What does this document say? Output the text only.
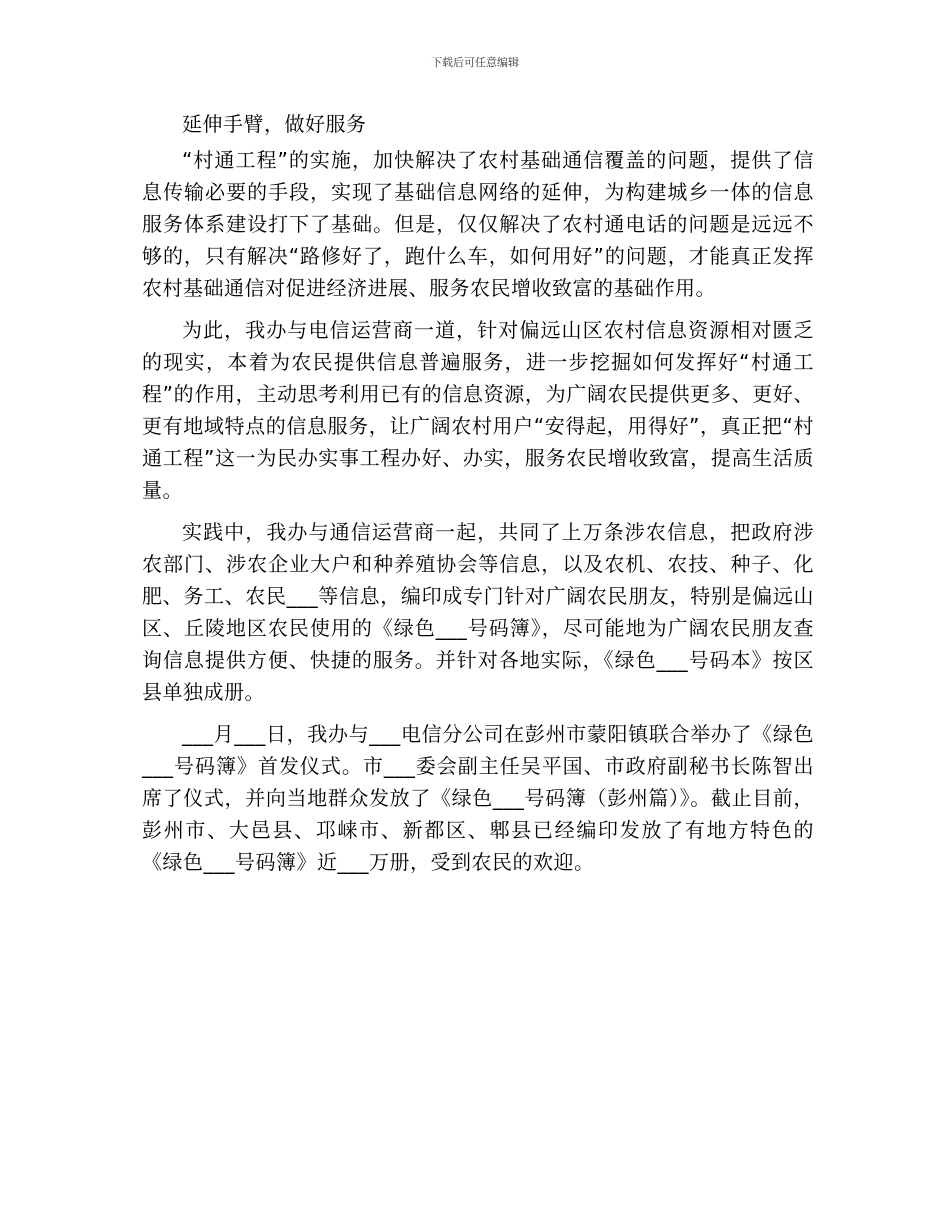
下载后可任意编辑

延伸手臂，做好服务

“村通工程”的实施，加快解决了农村基础通信覆盖的问题，提供了信息传输必要的手段，实现了基础信息网络的延伸，为构建城乡一体的信息服务体系建设打下了基础。但是，仅仅解决了农村通电话的问题是远远不够的，只有解决“路修好了，跑什么车，如何用好”的问题，才能真正发挥农村基础通信对促进经济进展、服务农民增收致富的基础作用。

为此，我办与电信运营商一道，针对偏远山区农村信息资源相对匮乏的现实，本着为农民提供信息普遍服务，进一步挖掘如何发挥好“村通工程”的作用，主动思考利用已有的信息资源，为广阔农民提供更多、更好、更有地域特点的信息服务，让广阔农村用户“安得起，用得好”，真正把“村通工程”这一为民办实事工程办好、办实，服务农民增收致富，提高生活质量。

实践中，我办与通信运营商一起，共同了上万条涉农信息，把政府涉农部门、涉农企业大户和种养殖协会等信息，以及农机、农技、种子、化肥、务工、农民___等信息，编印成专门针对广阔农民朋友，特别是偏远山区、丘陵地区农民使用的《绿色___号码簿》，尽可能地为广阔农民朋友查询信息提供方便、快捷的服务。并针对各地实际，《绿色___号码本》按区县单独成册。

___月___日，我办与___电信分公司在彭州市蒙阳镇联合举办了《绿色___号码簿》首发仪式。市___委会副主任吴平国、市政府副秘书长陈智出席了仪式，并向当地群众发放了《绿色___号码簿（彭州篇）》。截止目前，彭州市、大邑县、邛崃市、新都区、郫县已经编印发放了有地方特色的《绿色___号码簿》近___万册，受到农民的欢迎。
